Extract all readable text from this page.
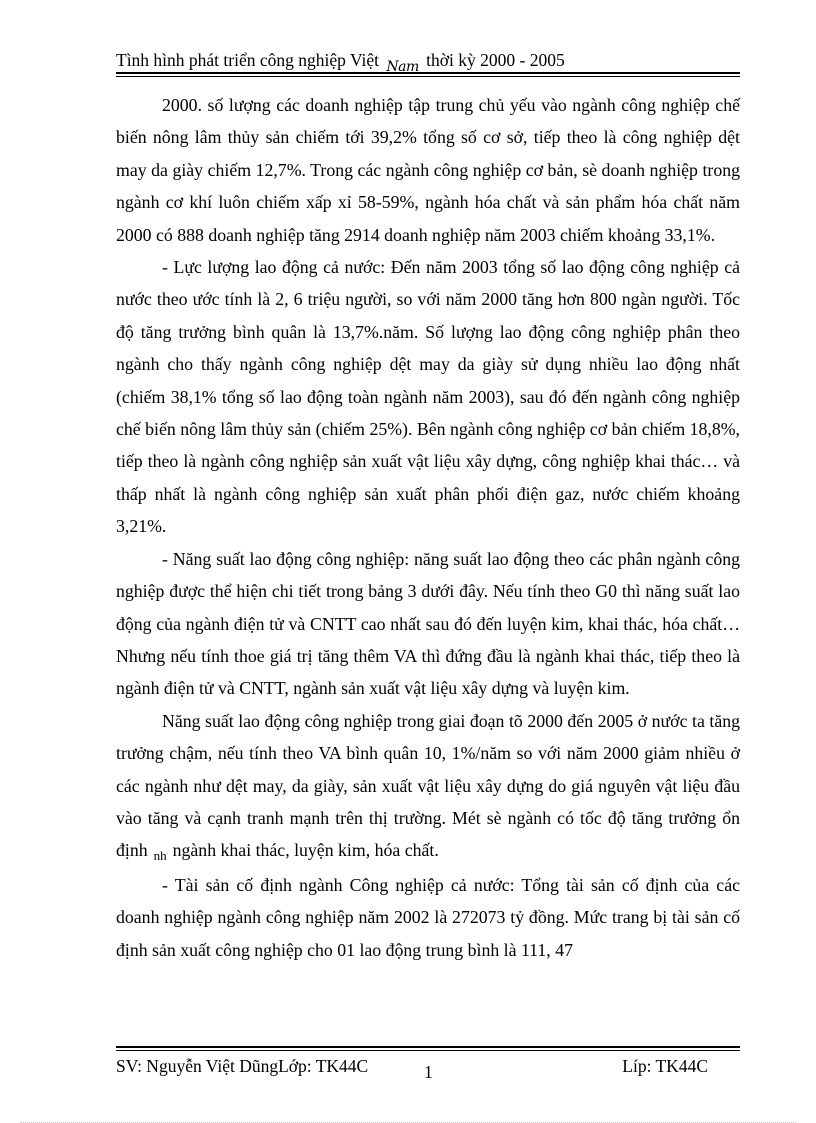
Tình hình phát triển công nghiệp Việt $_{Nam}$ thời kỳ 2000 - 2005

2000. số lượng các doanh nghiệp tập trung chủ yếu vào ngành công nghiệp chế biến nông lâm thủy sản chiếm tới 39,2% tổng số cơ sở, tiếp theo là công nghiệp dệt may da giày chiếm 12,7%. Trong các ngành công nghiệp cơ bản, sè doanh nghiệp trong ngành cơ khí luôn chiếm xấp xỉ 58-59%, ngành hóa chất và sản phẩm hóa chất năm 2000 có 888 doanh nghiệp tăng 2914 doanh nghiệp năm 2003 chiếm khoảng 33,1%.

- Lực lượng lao động cả nước: Đến năm 2003 tổng số lao động công nghiệp cả nước theo ước tính là 2, 6 triệu người, so với năm 2000 tăng hơn 800 ngàn người. Tốc độ tăng trưởng bình quân là 13,7%.năm. Số lượng lao động công nghiệp phân theo ngành cho thấy ngành công nghiệp dệt may da giày sử dụng nhiều lao động nhất (chiếm 38,1% tổng số lao động toàn ngành năm 2003), sau đó đến ngành công nghiệp chế biến nông lâm thủy sản (chiếm 25%). Bên ngành công nghiệp cơ bản chiếm 18,8%, tiếp theo là ngành công nghiệp sản xuất vật liệu xây dựng, công nghiệp khai thác… và thấp nhất là ngành công nghiệp sản xuất phân phối điện gaz, nước chiếm khoảng 3,21%.

- Năng suất lao động công nghiệp: năng suất lao động theo các phân ngành công nghiệp được thể hiện chi tiết trong bảng 3 dưới đây. Nếu tính theo G0 thì năng suất lao động của ngành điện tử và CNTT cao nhất sau đó đến luyện kim, khai thác, hóa chất… Nhưng nếu tính thoe giá trị tăng thêm VA thì đứng đầu là ngành khai thác, tiếp theo là ngành điện tử và CNTT, ngành sản xuất vật liệu xây dựng và luyện kim.

Năng suất lao động công nghiệp trong giai đoạn tõ 2000 đến 2005 ở nước ta tăng trưởng chậm, nếu tính theo VA bình quân 10, 1%/năm so với năm 2000 giảm nhiều ở các ngành như dệt may, da giày, sản xuất vật liệu xây dựng do giá nguyên vật liệu đầu vào tăng và cạnh tranh mạnh trên thị trường. Mét sè ngành có tốc độ tăng trưởng ổn định $_{nh}$ ngành khai thác, luyện kim, hóa chất.

- Tài sản cố định ngành Công nghiệp cả nước: Tổng tài sản cố định của các doanh nghiệp ngành công nghiệp năm 2002 là 272073 tỷ đồng. Mức trang bị tài sản cố định sản xuất công nghiệp cho 01 lao động trung bình là 111, 47

SV: Nguyễn Việt DũngLớp: TK44C	1	Líp: TK44C
